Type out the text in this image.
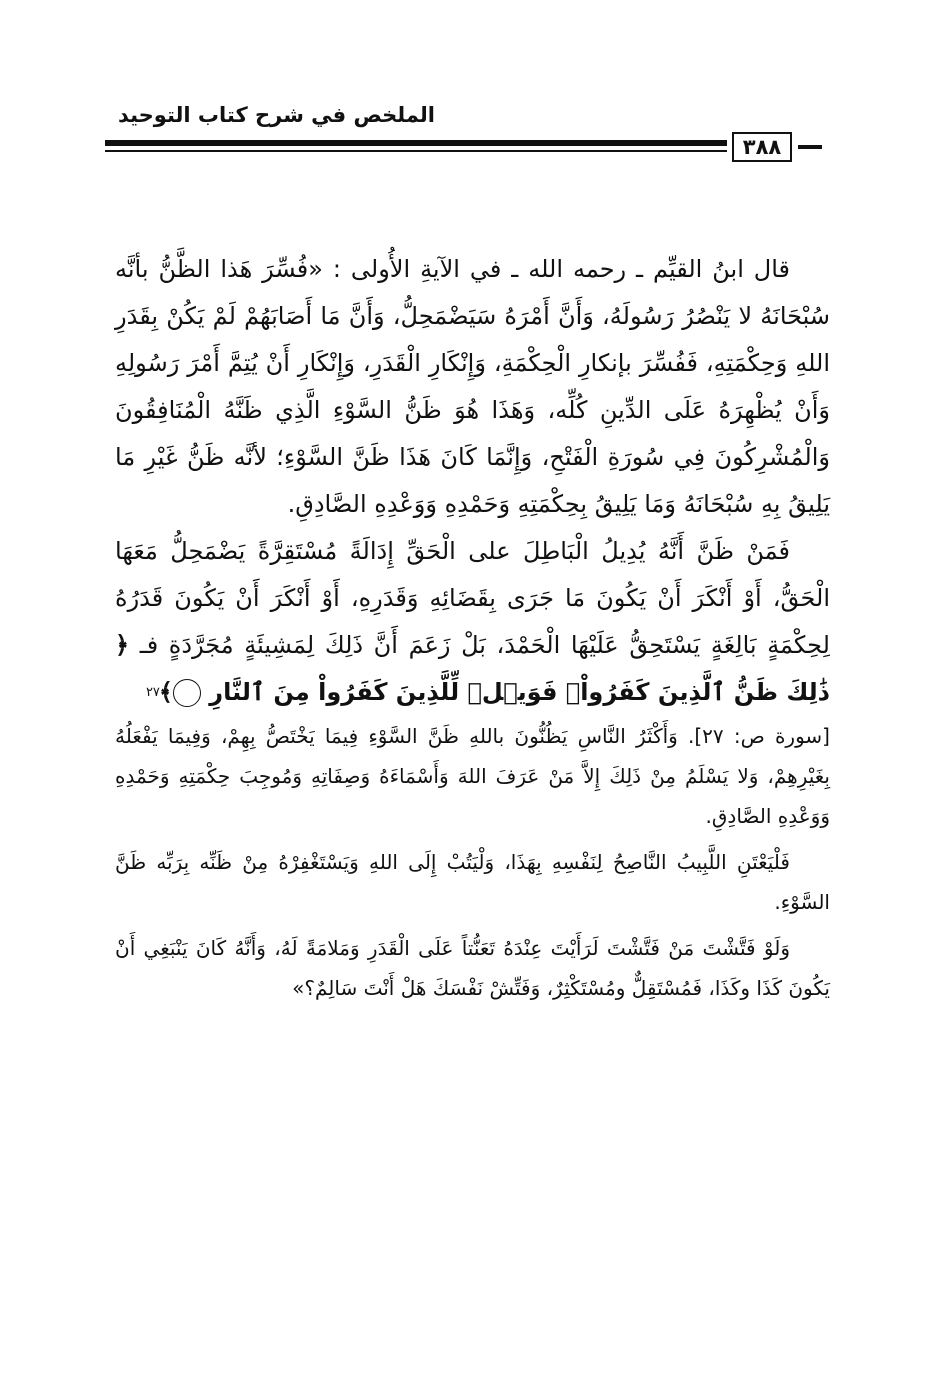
الملخص في شرح كتاب التوحيد
٣٨٨

قال ابنُ القيِّم ـ رحمه الله ـ في الآيةِ الأُولى : «فُسِّرَ هَذا الظَّنُّ بأنَّه سُبْحَانَهُ لا يَنْصُرُ رَسُولَهُ، وَأَنَّ أَمْرَهُ سَيَضْمَحِلُّ، وَأَنَّ مَا أَصَابَهُمْ لَمْ يَكُنْ بِقَدَرِ اللهِ وَحِكْمَتِهِ، فَفُسِّرَ بإنكارِ الْحِكْمَةِ، وَإِنْكَارِ الْقَدَرِ، وَإِنْكَارِ أَنْ يُتِمَّ أَمْرَ رَسُولِهِ وَأَنْ يُظْهِرَهُ عَلَى الدِّينِ كُلِّه، وَهَذَا هُوَ ظَنُّ السَّوْءِ الَّذِي ظَنَّهُ الْمُنَافِقُونَ وَالْمُشْرِكُونَ فِي سُورَةِ الْفَتْحِ، وَإِنَّمَا كَانَ هَذَا ظَنَّ السَّوْءِ؛ لأنَّه ظَنُّ غَيْرِ مَا يَلِيقُ بِهِ سُبْحَانَهُ وَمَا يَلِيقُ بِحِكْمَتِهِ وَحَمْدِهِ وَوَعْدِهِ الصَّادِقِ.

فَمَنْ ظَنَّ أَنَّهُ يُدِيلُ الْبَاطِلَ على الْحَقِّ إِدَالَةً مُسْتَقِرَّةً يَضْمَحِلُّ مَعَهَا الْحَقُّ، أَوْ أَنْكَرَ أَنْ يَكُونَ مَا جَرَى بِقَضَائِهِ وَقَدَرِهِ، أَوْ أَنْكَرَ أَنْ يَكُونَ قَدَرُهُ لِحِكْمَةٍ بَالِغَةٍ يَسْتَحِقُّ عَلَيْهَا الْحَمْدَ، بَلْ زَعَمَ أَنَّ ذَلِكَ لِمَشِيئَةٍ مُجَرَّدَةٍ فـ ﴿ ذَٰلِكَ ظَنُّ ٱلَّذِينَ كَفَرُواْۚ فَوَيۡلٞ لِّلَّذِينَ كَفَرُواْ مِنَ ٱلنَّارِ ٢٧﴾

[سورة ص: ٢٧]. وَأَكْثَرُ النَّاسِ يَظُنُّونَ باللهِ ظَنَّ السَّوْءِ فِيمَا يَخْتَصُّ بِهِمْ، وَفِيمَا يَفْعَلُهُ بِغَيْرِهِمْ، وَلا يَسْلَمُ مِنْ ذَلِكَ إِلاَّ مَنْ عَرَفَ اللهَ وَأَسْمَاءَهُ وَصِفَاتِهِ وَمُوجِبَ حِكْمَتِهِ وَحَمْدِهِ وَوَعْدِهِ الصَّادِقِ.

فَلْيَعْتَنِ اللَّبِيبُ النَّاصِحُ لِنَفْسِهِ بِهَذَا، وَلْيَتُبْ إِلَى اللهِ وَيَسْتَغْفِرْهُ مِنْ ظَنِّه بِرَبِّه ظَنَّ السَّوْءِ.

وَلَوْ فَتَّشْتَ مَنْ فَتَّشْتَ لَرَأَيْتَ عِنْدَهُ تَعَنُّتاً عَلَى الْقَدَرِ وَمَلامَةً لَهُ، وَأَنَّهُ كَانَ يَنْبَغِي أَنْ يَكُونَ كَذَا وكَذَا، فَمُسْتَقِلٌّ ومُسْتَكْثِرٌ، وَفَتِّشْ نَفْسَكَ هَلْ أَنْتَ سَالِمٌ؟»
